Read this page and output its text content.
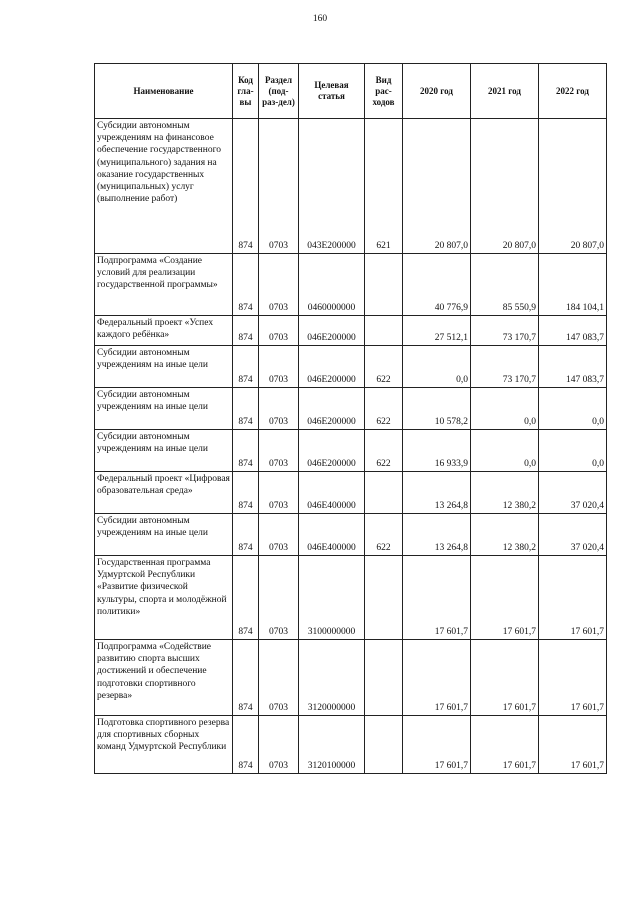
160
Наименование	Код гла-вы	Раздел (под-раз-дел)	Целевая статья	Вид рас-ходов	2020 год	2021 год	2022 год
Субсидии автономным учреждениям на финансовое обеспечение государственного (муниципального) задания на оказание государственных (муниципальных) услуг (выполнение работ)	874	0703	043E200000	621	20 807,0	20 807,0	20 807,0
Подпрограмма «Создание условий для реализации государственной программы»	874	0703	0460000000		40 776,9	85 550,9	184 104,1
Федеральный проект «Успех каждого ребёнка»	874	0703	046E200000		27 512,1	73 170,7	147 083,7
Субсидии автономным учреждениям на иные цели	874	0703	046E200000	622	0,0	73 170,7	147 083,7
Субсидии автономным учреждениям на иные цели	874	0703	046E200000	622	10 578,2	0,0	0,0
Субсидии автономным учреждениям на иные цели	874	0703	046E200000	622	16 933,9	0,0	0,0
Федеральный проект «Цифровая образовательная среда»	874	0703	046E400000		13 264,8	12 380,2	37 020,4
Субсидии автономным учреждениям на иные цели	874	0703	046E400000	622	13 264,8	12 380,2	37 020,4
Государственная программа Удмуртской Республики «Развитие физической культуры, спорта и молодёжной политики»	874	0703	3100000000		17 601,7	17 601,7	17 601,7
Подпрограмма «Содействие развитию спорта высших достижений и обеспечение подготовки спортивного резерва»	874	0703	3120000000		17 601,7	17 601,7	17 601,7
Подготовка спортивного резерва для спортивных сборных команд Удмуртской Республики	874	0703	3120100000		17 601,7	17 601,7	17 601,7
